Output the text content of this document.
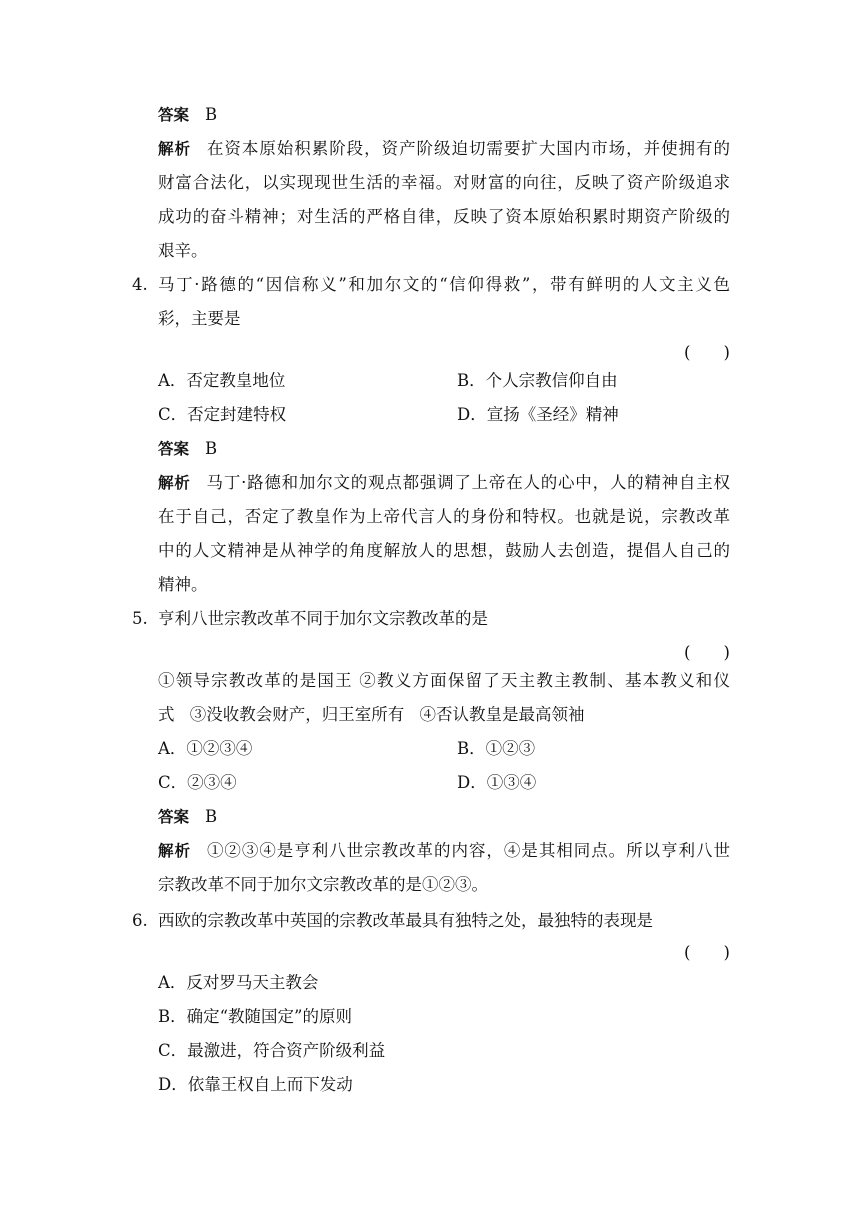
答案 B
解析 在资本原始积累阶段，资产阶级迫切需要扩大国内市场，并使拥有的
财富合法化，以实现现世生活的幸福。对财富的向往，反映了资产阶级追求
成功的奋斗精神；对生活的严格自律，反映了资本原始积累时期资产阶级的
艰辛。
4. 马丁·路德的“因信称义”和加尔文的“信仰得救”，带有鲜明的人文主义色
彩，主要是
( )
A．否定教皇地位	B．个人宗教信仰自由
C．否定封建特权	D．宣扬《圣经》精神
答案 B
解析 马丁·路德和加尔文的观点都强调了上帝在人的心中，人的精神自主权
在于自己，否定了教皇作为上帝代言人的身份和特权。也就是说，宗教改革
中的人文精神是从神学的角度解放人的思想，鼓励人去创造，提倡人自己的
精神。
5. 亨利八世宗教改革不同于加尔文宗教改革的是
( )
①领导宗教改革的是国王 ②教义方面保留了天主教主教制、基本教义和仪
式 ③没收教会财产，归王室所有 ④否认教皇是最高领袖
A．①②③④	B．①②③
C．②③④	D．①③④
答案 B
解析 ①②③④是亨利八世宗教改革的内容，④是其相同点。所以亨利八世
宗教改革不同于加尔文宗教改革的是①②③。
6. 西欧的宗教改革中英国的宗教改革最具有独特之处，最独特的表现是
( )
A．反对罗马天主教会
B．确定“教随国定”的原则
C．最激进，符合资产阶级利益
D．依靠王权自上而下发动
